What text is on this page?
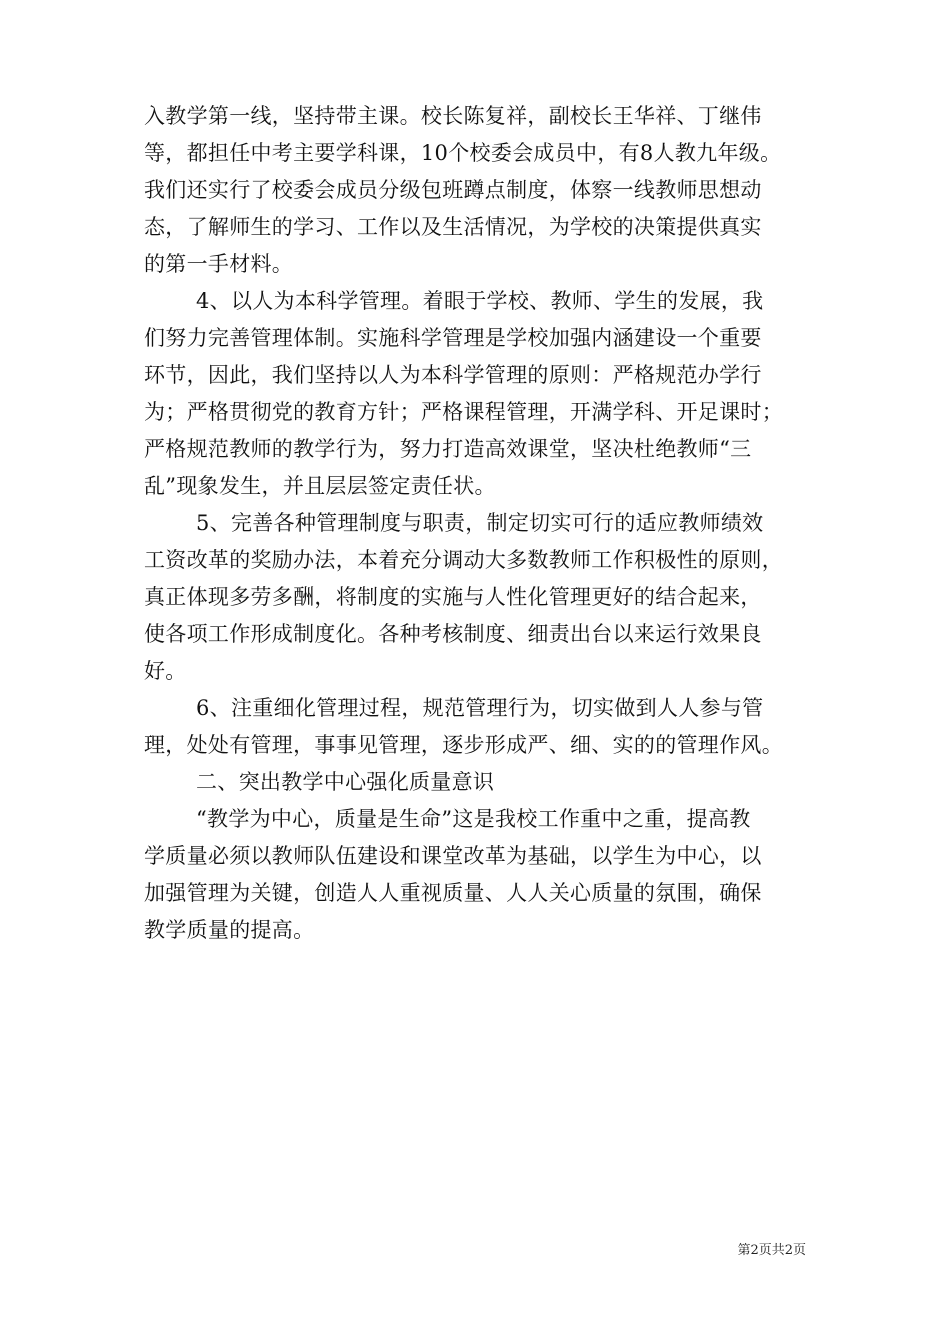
入教学第一线，坚持带主课。校长陈复祥，副校长王华祥、丁继伟
等，都担任中考主要学科课，10个校委会成员中，有8人教九年级。
我们还实行了校委会成员分级包班蹲点制度，体察一线教师思想动
态，了解师生的学习、工作以及生活情况，为学校的决策提供真实
的第一手材料。
4、以人为本科学管理。着眼于学校、教师、学生的发展，我
们努力完善管理体制。实施科学管理是学校加强内涵建设一个重要
环节，因此，我们坚持以人为本科学管理的原则：严格规范办学行
为；严格贯彻党的教育方针；严格课程管理，开满学科、开足课时；
严格规范教师的教学行为，努力打造高效课堂，坚决杜绝教师“三
乱”现象发生，并且层层签定责任状。
5、完善各种管理制度与职责，制定切实可行的适应教师绩效
工资改革的奖励办法，本着充分调动大多数教师工作积极性的原则，
真正体现多劳多酬，将制度的实施与人性化管理更好的结合起来，
使各项工作形成制度化。各种考核制度、细责出台以来运行效果良
好。
6、注重细化管理过程，规范管理行为，切实做到人人参与管
理，处处有管理，事事见管理，逐步形成严、细、实的的管理作风。
二、突出教学中心强化质量意识
“教学为中心，质量是生命”这是我校工作重中之重，提高教
学质量必须以教师队伍建设和课堂改革为基础，以学生为中心，以
加强管理为关键，创造人人重视质量、人人关心质量的氛围，确保
教学质量的提高。
第2页共2页
